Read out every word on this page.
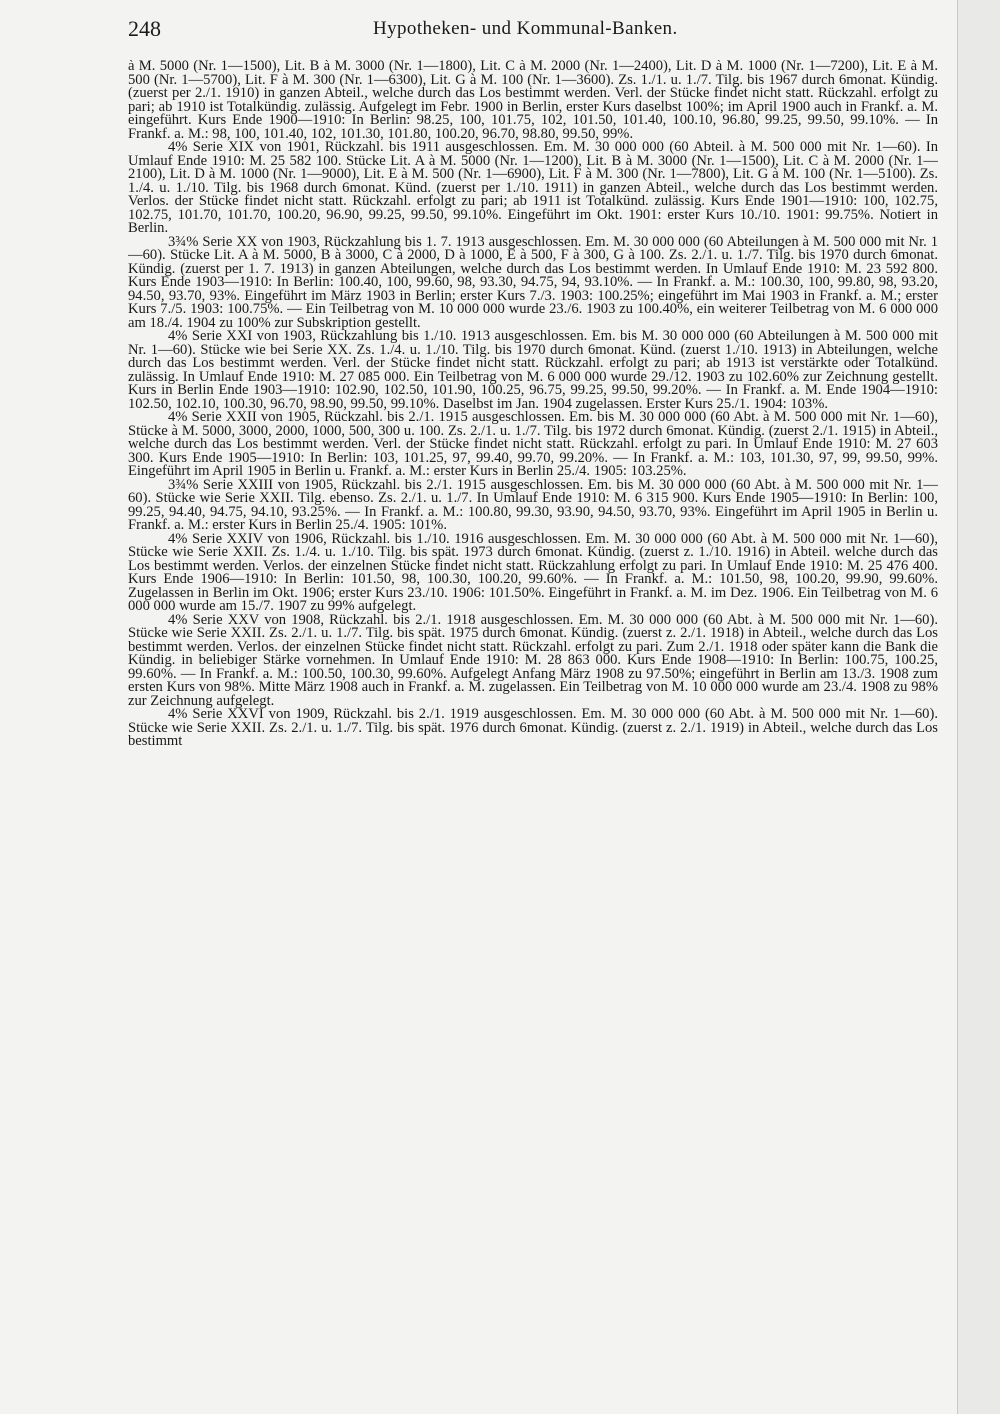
248	Hypotheken- und Kommunal-Banken.

à M. 5000 (Nr. 1—1500), Lit. B à M. 3000 (Nr. 1—1800), Lit. C à M. 2000 (Nr. 1—2400), Lit. D à M. 1000 (Nr. 1—7200), Lit. E à M. 500 (Nr. 1—5700), Lit. F à M. 300 (Nr. 1—6300), Lit. G à M. 100 (Nr. 1—3600). Zs. 1./1. u. 1./7. Tilg. bis 1967 durch 6monat. Kündig. (zuerst per 2./1. 1910) in ganzen Abteil., welche durch das Los bestimmt werden. Verl. der Stücke findet nicht statt. Rückzahl. erfolgt zu pari; ab 1910 ist Totalkündig. zulässig. Aufgelegt im Febr. 1900 in Berlin, erster Kurs daselbst 100%; im April 1900 auch in Frankf. a. M. eingeführt. Kurs Ende 1900—1910: In Berlin: 98.25, 100, 101.75, 102, 101.50, 101.40, 100.10, 96.80, 99.25, 99.50, 99.10%. — In Frankf. a. M.: 98, 100, 101.40, 102, 101.30, 101.80, 100.20, 96.70, 98.80, 99.50, 99%.

4% Serie XIX von 1901, Rückzahl. bis 1911 ausgeschlossen. Em. M. 30 000 000 (60 Abteil. à M. 500 000 mit Nr. 1—60). In Umlauf Ende 1910: M. 25 582 100. Stücke Lit. A à M. 5000 (Nr. 1—1200), Lit. B à M. 3000 (Nr. 1—1500), Lit. C à M. 2000 (Nr. 1—2100), Lit. D à M. 1000 (Nr. 1—9000), Lit. E à M. 500 (Nr. 1—6900), Lit. F à M. 300 (Nr. 1—7800), Lit. G à M. 100 (Nr. 1—5100). Zs. 1./4. u. 1./10. Tilg. bis 1968 durch 6monat. Künd. (zuerst per 1./10. 1911) in ganzen Abteil., welche durch das Los bestimmt werden. Verlos. der Stücke findet nicht statt. Rückzahl. erfolgt zu pari; ab 1911 ist Totalkünd. zulässig. Kurs Ende 1901—1910: 100, 102.75, 102.75, 101.70, 101.70, 100.20, 96.90, 99.25, 99.50, 99.10%. Eingeführt im Okt. 1901: erster Kurs 10./10. 1901: 99.75%. Notiert in Berlin.

3¾% Serie XX von 1903, Rückzahlung bis 1. 7. 1913 ausgeschlossen. Em. M. 30 000 000 (60 Abteilungen à M. 500 000 mit Nr. 1—60). Stücke Lit. A à M. 5000, B à 3000, C à 2000, D à 1000, E à 500, F à 300, G à 100. Zs. 2./1. u. 1./7. Tilg. bis 1970 durch 6monat. Kündig. (zuerst per 1. 7. 1913) in ganzen Abteilungen, welche durch das Los bestimmt werden. In Umlauf Ende 1910: M. 23 592 800. Kurs Ende 1903—1910: In Berlin: 100.40, 100, 99.60, 98, 93.30, 94.75, 94, 93.10%. — In Frankf. a. M.: 100.30, 100, 99.80, 98, 93.20, 94.50, 93.70, 93%. Eingeführt im März 1903 in Berlin; erster Kurs 7./3. 1903: 100.25%; eingeführt im Mai 1903 in Frankf. a. M.; erster Kurs 7./5. 1903: 100.75%. — Ein Teilbetrag von M. 10 000 000 wurde 23./6. 1903 zu 100.40%, ein weiterer Teilbetrag von M. 6 000 000 am 18./4. 1904 zu 100% zur Subskription gestellt.

4% Serie XXI von 1903, Rückzahlung bis 1./10. 1913 ausgeschlossen. Em. bis M. 30 000 000 (60 Abteilungen à M. 500 000 mit Nr. 1—60). Stücke wie bei Serie XX. Zs. 1./4. u. 1./10. Tilg. bis 1970 durch 6monat. Künd. (zuerst 1./10. 1913) in Abteilungen, welche durch das Los bestimmt werden. Verl. der Stücke findet nicht statt. Rückzahl. erfolgt zu pari; ab 1913 ist verstärkte oder Totalkünd. zulässig. In Umlauf Ende 1910: M. 27 085 000. Ein Teilbetrag von M. 6 000 000 wurde 29./12. 1903 zu 102.60% zur Zeichnung gestellt. Kurs in Berlin Ende 1903—1910: 102.90, 102.50, 101.90, 100.25, 96.75, 99.25, 99.50, 99.20%. — In Frankf. a. M. Ende 1904—1910: 102.50, 102.10, 100.30, 96.70, 98.90, 99.50, 99.10%. Daselbst im Jan. 1904 zugelassen. Erster Kurs 25./1. 1904: 103%.

4% Serie XXII von 1905, Rückzahl. bis 2./1. 1915 ausgeschlossen. Em. bis M. 30 000 000 (60 Abt. à M. 500 000 mit Nr. 1—60), Stücke à M. 5000, 3000, 2000, 1000, 500, 300 u. 100. Zs. 2./1. u. 1./7. Tilg. bis 1972 durch 6monat. Kündig. (zuerst 2./1. 1915) in Abteil., welche durch das Los bestimmt werden. Verl. der Stücke findet nicht statt. Rückzahl. erfolgt zu pari. In Umlauf Ende 1910: M. 27 603 300. Kurs Ende 1905—1910: In Berlin: 103, 101.25, 97, 99.40, 99.70, 99.20%. — In Frankf. a. M.: 103, 101.30, 97, 99, 99.50, 99%. Eingeführt im April 1905 in Berlin u. Frankf. a. M.: erster Kurs in Berlin 25./4. 1905: 103.25%.

3¾% Serie XXIII von 1905, Rückzahl. bis 2./1. 1915 ausgeschlossen. Em. bis M. 30 000 000 (60 Abt. à M. 500 000 mit Nr. 1—60). Stücke wie Serie XXII. Tilg. ebenso. Zs. 2./1. u. 1./7. In Umlauf Ende 1910: M. 6 315 900. Kurs Ende 1905—1910: In Berlin: 100, 99.25, 94.40, 94.75, 94.10, 93.25%. — In Frankf. a. M.: 100.80, 99.30, 93.90, 94.50, 93.70, 93%. Eingeführt im April 1905 in Berlin u. Frankf. a. M.: erster Kurs in Berlin 25./4. 1905: 101%.

4% Serie XXIV von 1906, Rückzahl. bis 1./10. 1916 ausgeschlossen. Em. M. 30 000 000 (60 Abt. à M. 500 000 mit Nr. 1—60), Stücke wie Serie XXII. Zs. 1./4. u. 1./10. Tilg. bis spät. 1973 durch 6monat. Kündig. (zuerst z. 1./10. 1916) in Abteil. welche durch das Los bestimmt werden. Verlos. der einzelnen Stücke findet nicht statt. Rückzahlung erfolgt zu pari. In Umlauf Ende 1910: M. 25 476 400. Kurs Ende 1906—1910: In Berlin: 101.50, 98, 100.30, 100.20, 99.60%. — In Frankf. a. M.: 101.50, 98, 100.20, 99.90, 99.60%. Zugelassen in Berlin im Okt. 1906; erster Kurs 23./10. 1906: 101.50%. Eingeführt in Frankf. a. M. im Dez. 1906. Ein Teilbetrag von M. 6 000 000 wurde am 15./7. 1907 zu 99% aufgelegt.

4% Serie XXV von 1908, Rückzahl. bis 2./1. 1918 ausgeschlossen. Em. M. 30 000 000 (60 Abt. à M. 500 000 mit Nr. 1—60). Stücke wie Serie XXII. Zs. 2./1. u. 1./7. Tilg. bis spät. 1975 durch 6monat. Kündig. (zuerst z. 2./1. 1918) in Abteil., welche durch das Los bestimmt werden. Verlos. der einzelnen Stücke findet nicht statt. Rückzahl. erfolgt zu pari. Zum 2./1. 1918 oder später kann die Bank die Kündig. in beliebiger Stärke vornehmen. In Umlauf Ende 1910: M. 28 863 000. Kurs Ende 1908—1910: In Berlin: 100.75, 100.25, 99.60%. — In Frankf. a. M.: 100.50, 100.30, 99.60%. Aufgelegt Anfang März 1908 zu 97.50%; eingeführt in Berlin am 13./3. 1908 zum ersten Kurs von 98%. Mitte März 1908 auch in Frankf. a. M. zugelassen. Ein Teilbetrag von M. 10 000 000 wurde am 23./4. 1908 zu 98% zur Zeichnung aufgelegt.

4% Serie XXVI von 1909, Rückzahl. bis 2./1. 1919 ausgeschlossen. Em. M. 30 000 000 (60 Abt. à M. 500 000 mit Nr. 1—60). Stücke wie Serie XXII. Zs. 2./1. u. 1./7. Tilg. bis spät. 1976 durch 6monat. Kündig. (zuerst z. 2./1. 1919) in Abteil., welche durch das Los bestimmt
